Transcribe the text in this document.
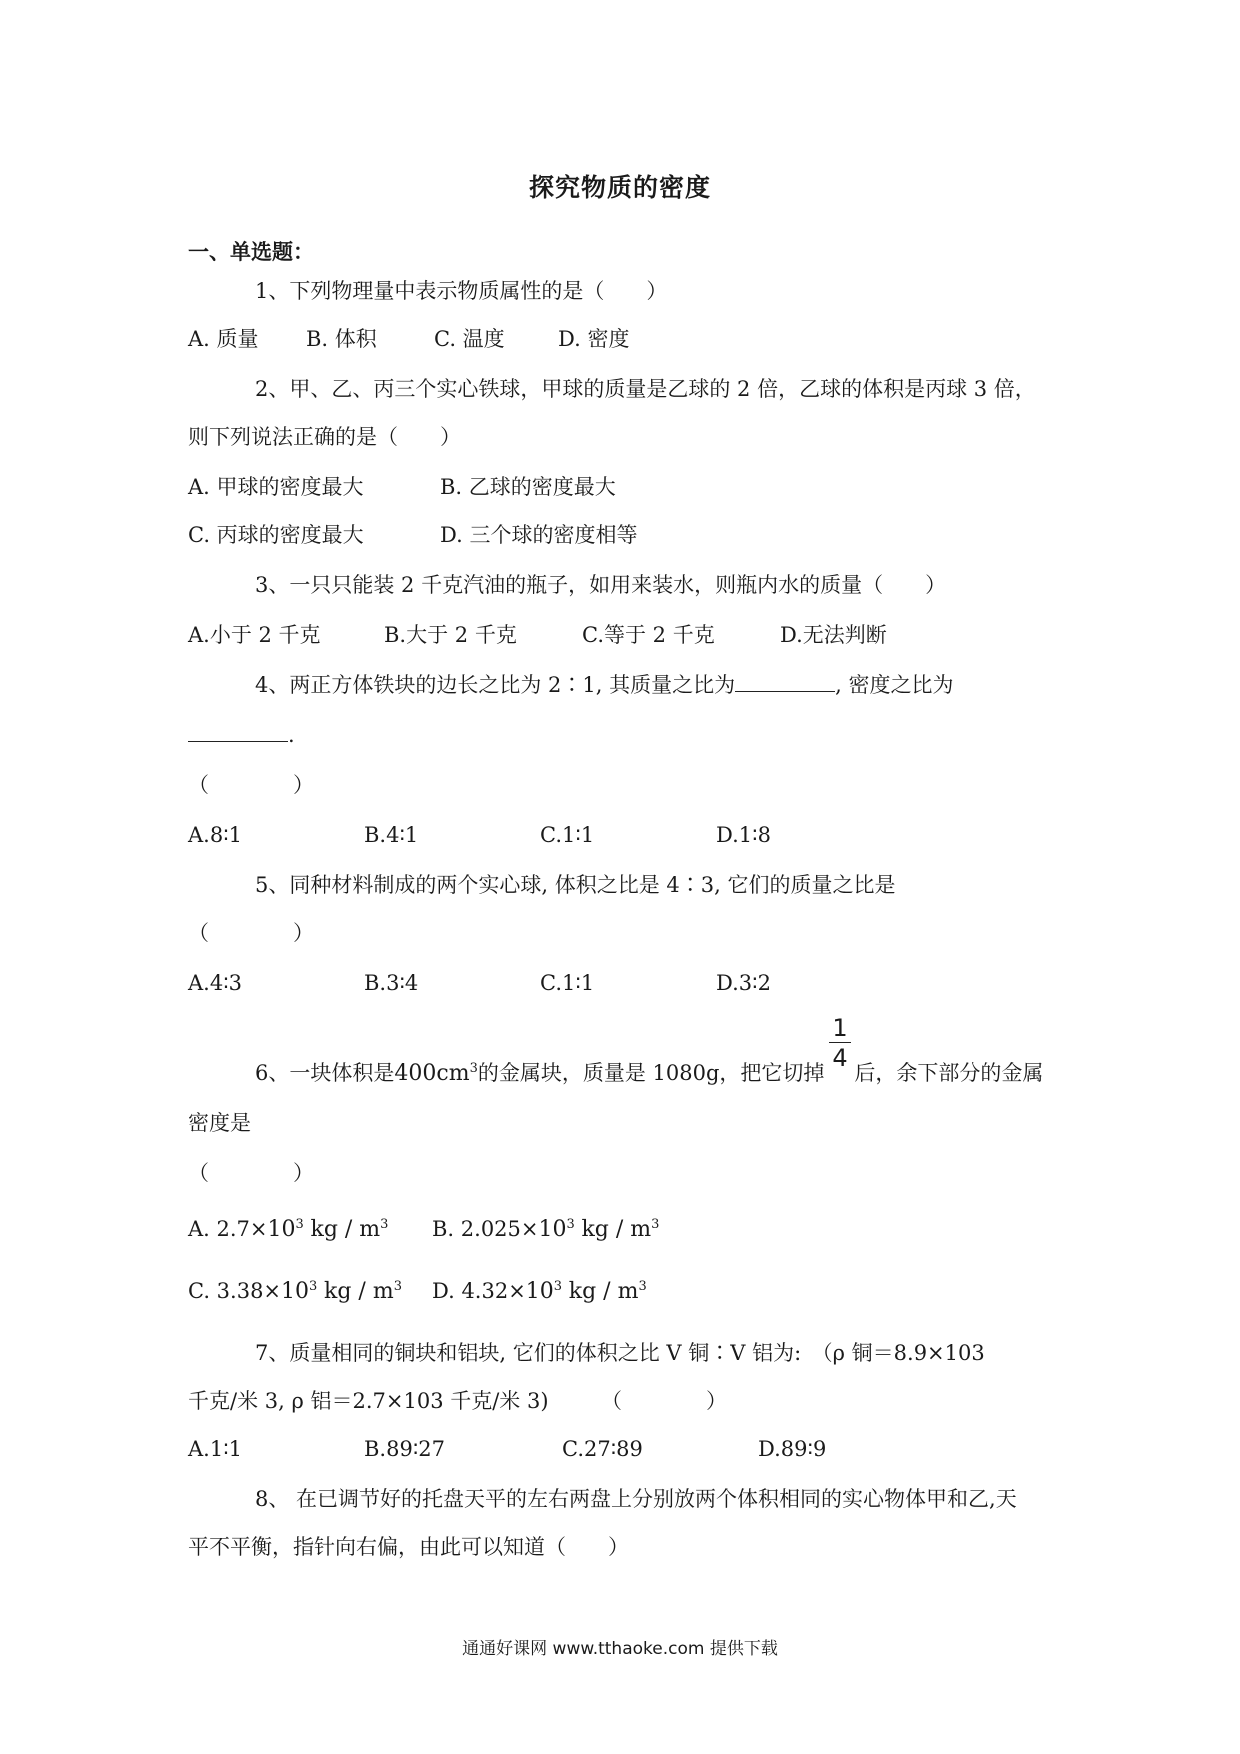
探究物质的密度
一、单选题：
1、下列物理量中表示物质属性的是（　　）
A. 质量 B. 体积	C. 温度	D. 密度
2、甲、乙、丙三个实心铁球，甲球的质量是乙球的 2 倍，乙球的体积是丙球 3 倍，
则下列说法正确的是（　　）
A. 甲球的密度最大	B. 乙球的密度最大
C. 丙球的密度最大	D. 三个球的密度相等
3、一只只能装 2 千克汽油的瓶子，如用来装水，则瓶内水的质量（　　）
A.小于 2 千克	B.大于 2 千克	C.等于 2 千克	D.无法判断
4、两正方体铁块的边长之比为 2∶1, 其质量之比为	, 密度之比为
.
（　　　　）
A.8∶1	B.4∶1	C.1∶1	D.1∶8
5、同种材料制成的两个实心球, 体积之比是 4∶3, 它们的质量之比是
（　　　　）
A.4∶3	B.3∶4	C.1∶1	D.3∶2
6、一块体积是$400cm^3$的金属块，质量是 1080g，把它切掉 后，余下部分的金属
$\frac{1}{4}$
密度是
（　　　　）
A. $2.7\times 10^3$ kg / $m^3$ B. $2.025\times 10^3$ kg / $m^3$
C. $3.38\times 10^3$ kg / $m^3$ D. $4.32\times 10^3$ kg / $m^3$
7、质量相同的铜块和铝块, 它们的体积之比 V 铜∶V 铝为:　（ρ 铜＝8.9×103
千克/米 3, ρ 铝＝2.7×103 千克/米 3)　　　（　　　　）
A.1∶1	B.89∶27	C.27∶89	D.89∶9
8、 在已调节好的托盘天平的左右两盘上分别放两个体积相同的实心物体甲和乙,天
平不平衡，指针向右偏，由此可以知道（　　）
通通好课网 www.tthaoke.com 提供下载
